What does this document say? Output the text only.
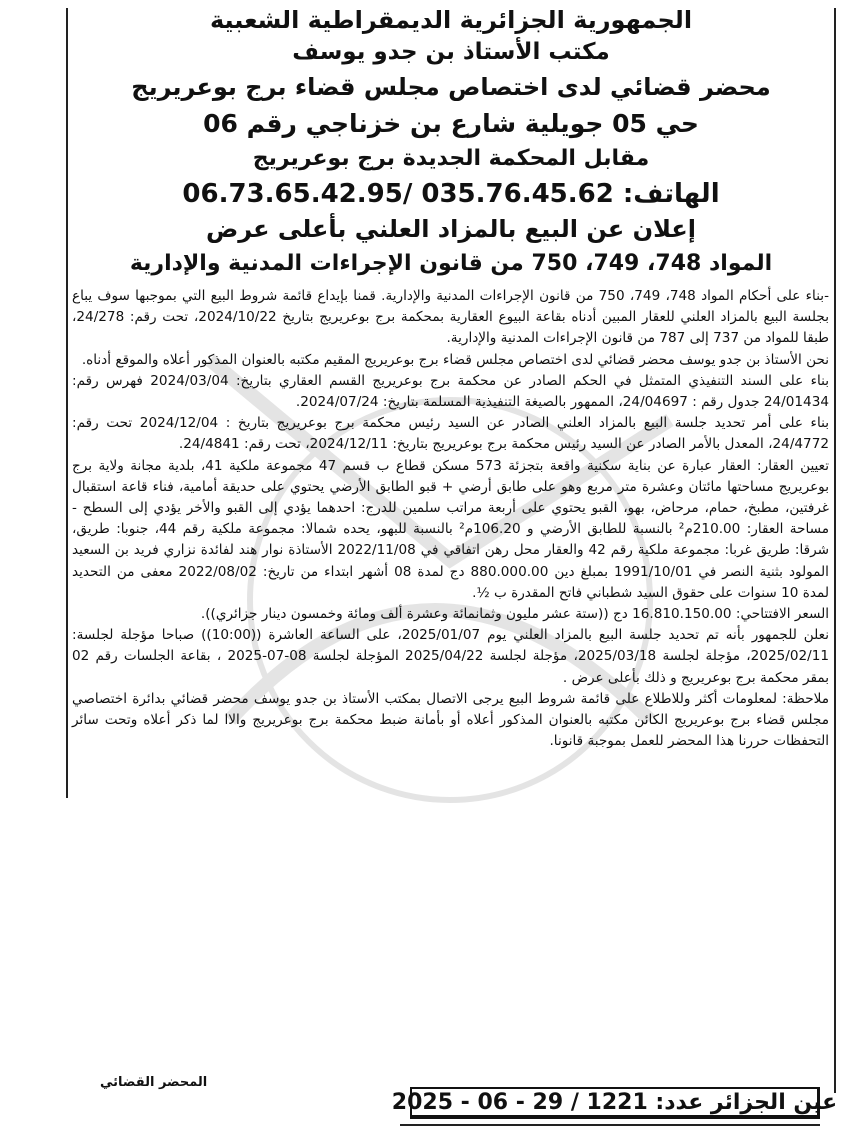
الجمهورية الجزائرية الديمقراطية الشعبية
مكتب الأستاذ بن جدو يوسف
محضر قضائي لدى اختصاص مجلس قضاء برج بوعريريج
حي 05 جويلية شارع بن خزناجي رقم 06
مقابل المحكمة الجديدة برج بوعريريج
الهاتف: 035.76.45.62 /06.73.65.42.95
إعلان عن البيع بالمزاد العلني بأعلى عرض
المواد 748، 749، 750 من قانون الإجراءات المدنية والإدارية

-بناء على أحكام المواد 748، 749، 750 من قانون الإجراءات المدنية والإدارية. قمنا بإيداع قائمة شروط البيع التي بموجبها سوف يباع بجلسة البيع بالمزاد العلني للعقار المبين أدناه بقاعة البيوع العقارية بمحكمة برج بوعريريج بتاريخ 2024/10/22، تحت رقم: 24/278، طبقا للمواد من 737 إلى 787 من قانون الإجراءات المدنية والإدارية.

نحن الأستاذ بن جدو يوسف محضر قضائي لدى اختصاص مجلس قضاء برج بوعريريج المقيم مكتبه بالعنوان المذكور أعلاه والموقع أدناه.

بناء على السند التنفيذي المتمثل في الحكم الصادر عن محكمة برج بوعريريج القسم العقاري بتاريخ: 2024/03/04 فهرس رقم: 24/01434 جدول رقم : 24/04697، الممهور بالصيغة التنفيذية المسلمة بتاريخ: 2024/07/24.

بناء على أمر تحديد جلسة البيع بالمزاد العلني الصادر عن السيد رئيس محكمة برج بوعريريج بتاريخ : 2024/12/04 تحت رقم: 24/4772، المعدل بالأمر الصادر عن السيد رئيس محكمة برج بوعريريج بتاريخ: 2024/12/11، تحت رقم: 24/4841.

تعيين العقار: العقار عبارة عن بناية سكنية واقعة بتجزئة 573 مسكن قطاع ب قسم 47 مجموعة ملكية 41، بلدية مجانة ولاية برج بوعريريج مساحتها مائتان وعشرة متر مربع وهو على طابق أرضي + قبو الطابق الأرضي يحتوي على حديقة أمامية، فناء قاعة استقبال غرفتين، مطبخ، حمام، مرحاض، بهو، القبو يحتوي على أربعة مراتب سلمين للدرج: احدهما يؤدي إلى القبو والأخر يؤدي إلى السطح - مساحة العقار: 210.00م² بالنسبة للطابق الأرضي و 106.20م² بالنسبة للبهو، يحده شمالا: مجموعة ملكية رقم 44، جنوبا: طريق، شرقا: طريق غربا: مجموعة ملكية رقم 42 والعقار محل رهن اتفاقي في 2022/11/08 الأستاذة نوار هند لفائدة نزاري فريد بن السعيد المولود بثنية النصر في 1991/10/01 بمبلغ دين 880.000.00 دج لمدة 08 أشهر ابتداء من تاريخ: 2022/08/02 معفى من التحديد لمدة 10 سنوات على حقوق السيد شطباني فاتح المقدرة ب ½.

السعر الافتتاحي: 16.810.150.00 دج ((ستة عشر مليون وثمانمائة وعشرة ألف ومائة وخمسون دينار جزائري)).

نعلن للجمهور بأنه تم تحديد جلسة البيع بالمزاد العلني يوم 2025/01/07، على الساعة العاشرة ((10:00)) صباحا مؤجلة لجلسة: 2025/02/11، مؤجلة لجلسة 2025/03/18، مؤجلة لجلسة 2025/04/22 المؤجلة لجلسة 08-07-2025 ، بقاعة الجلسات رقم 02 بمقر محكمة برج بوعريريج و ذلك بأعلى عرض .

ملاحظة: لمعلومات أكثر وللاطلاع على قائمة شروط البيع يرجى الاتصال بمكتب الأستاذ بن جدو يوسف محضر قضائي بدائرة اختصاصي مجلس قضاء برج بوعريريج الكائن مكتبه بالعنوان المذكور أعلاه أو بأمانة ضبط محكمة برج بوعريريج والاا لما ذكر أعلاه وتحت سائر التحفظات حررنا هذا المحضر للعمل بموجبة قانونا.

المحضر القضائي
عين الجزائر عدد: 1221 / 29 - 06 - 2025
